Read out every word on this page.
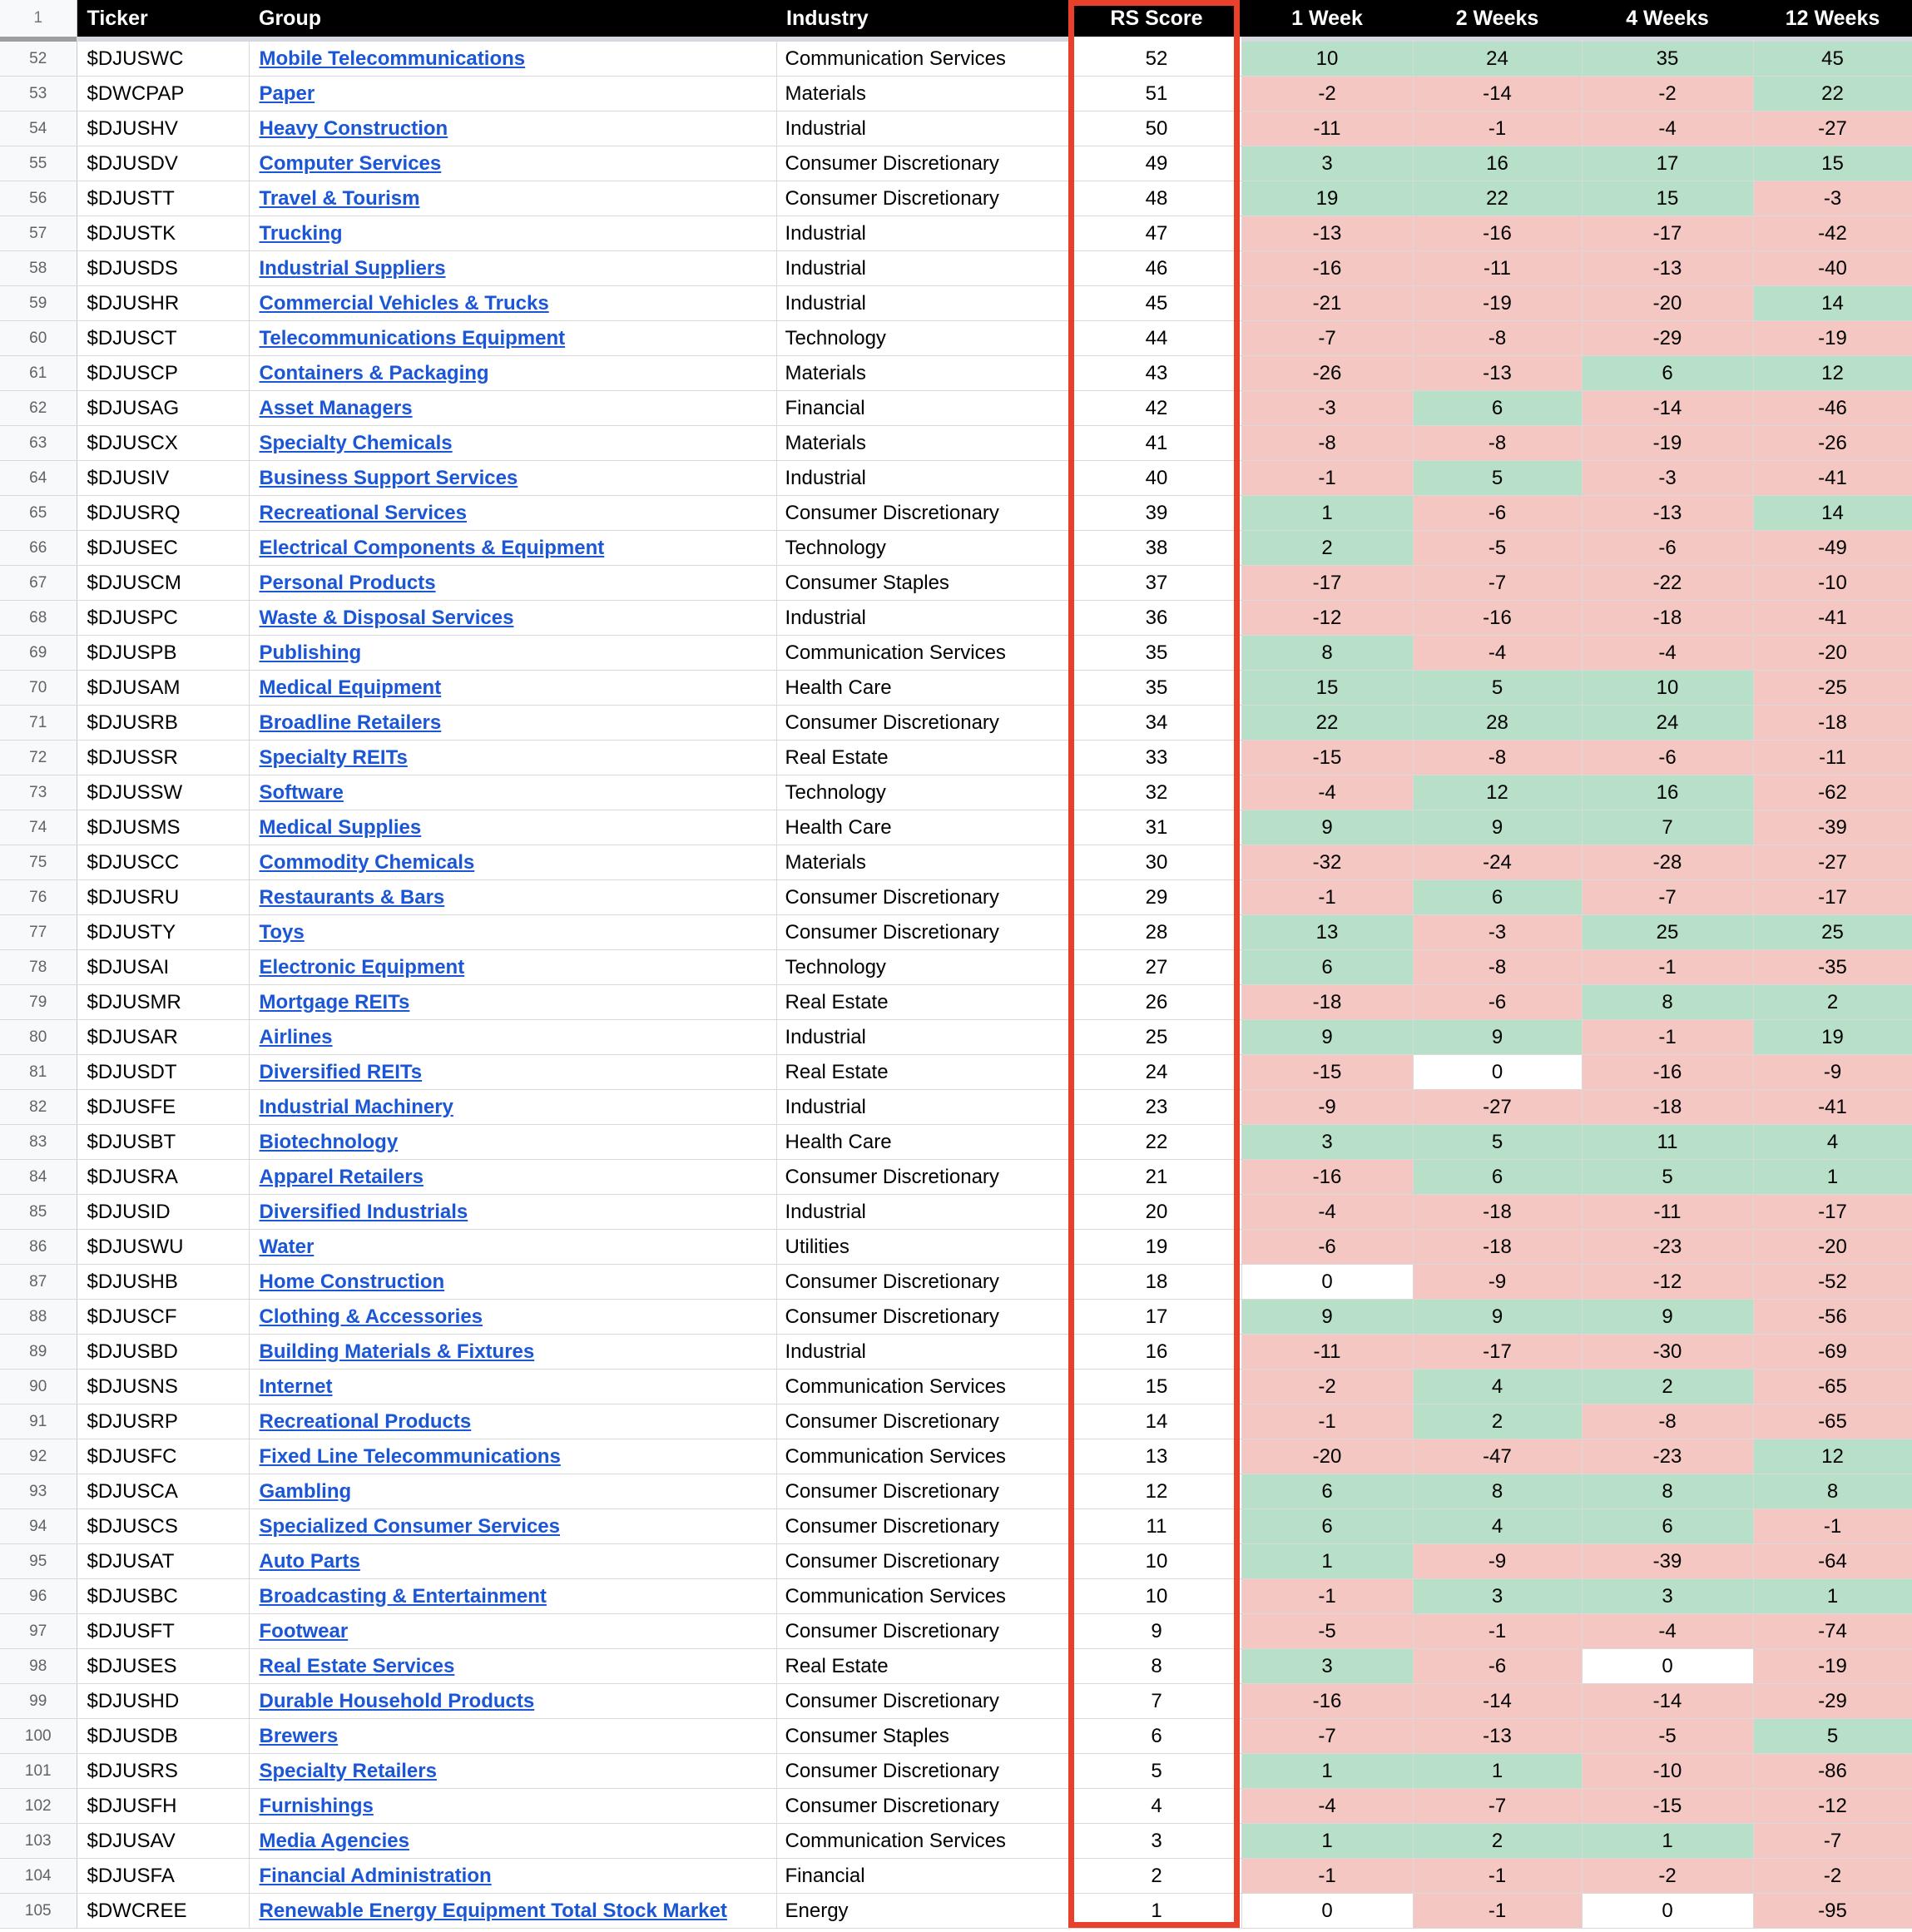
1	Ticker	Group	Industry	RS Score	1 Week	2 Weeks	4 Weeks	12 Weeks

52	$DJUSWC	Mobile Telecommunications	Communication Services	52	10	24	35	45
53	$DWCPAP	Paper	Materials	51	-2	-14	-2	22
54	$DJUSHV	Heavy Construction	Industrial	50	-11	-1	-4	-27
55	$DJUSDV	Computer Services	Consumer Discretionary	49	3	16	17	15
56	$DJUSTT	Travel & Tourism	Consumer Discretionary	48	19	22	15	-3
57	$DJUSTK	Trucking	Industrial	47	-13	-16	-17	-42
58	$DJUSDS	Industrial Suppliers	Industrial	46	-16	-11	-13	-40
59	$DJUSHR	Commercial Vehicles & Trucks	Industrial	45	-21	-19	-20	14
60	$DJUSCT	Telecommunications Equipment	Technology	44	-7	-8	-29	-19
61	$DJUSCP	Containers & Packaging	Materials	43	-26	-13	6	12
62	$DJUSAG	Asset Managers	Financial	42	-3	6	-14	-46
63	$DJUSCX	Specialty Chemicals	Materials	41	-8	-8	-19	-26
64	$DJUSIV	Business Support Services	Industrial	40	-1	5	-3	-41
65	$DJUSRQ	Recreational Services	Consumer Discretionary	39	1	-6	-13	14
66	$DJUSEC	Electrical Components & Equipment	Technology	38	2	-5	-6	-49
67	$DJUSCM	Personal Products	Consumer Staples	37	-17	-7	-22	-10
68	$DJUSPC	Waste & Disposal Services	Industrial	36	-12	-16	-18	-41
69	$DJUSPB	Publishing	Communication Services	35	8	-4	-4	-20
70	$DJUSAM	Medical Equipment	Health Care	35	15	5	10	-25
71	$DJUSRB	Broadline Retailers	Consumer Discretionary	34	22	28	24	-18
72	$DJUSSR	Specialty REITs	Real Estate	33	-15	-8	-6	-11
73	$DJUSSW	Software	Technology	32	-4	12	16	-62
74	$DJUSMS	Medical Supplies	Health Care	31	9	9	7	-39
75	$DJUSCC	Commodity Chemicals	Materials	30	-32	-24	-28	-27
76	$DJUSRU	Restaurants & Bars	Consumer Discretionary	29	-1	6	-7	-17
77	$DJUSTY	Toys	Consumer Discretionary	28	13	-3	25	25
78	$DJUSAI	Electronic Equipment	Technology	27	6	-8	-1	-35
79	$DJUSMR	Mortgage REITs	Real Estate	26	-18	-6	8	2
80	$DJUSAR	Airlines	Industrial	25	9	9	-1	19
81	$DJUSDT	Diversified REITs	Real Estate	24	-15	0	-16	-9
82	$DJUSFE	Industrial Machinery	Industrial	23	-9	-27	-18	-41
83	$DJUSBT	Biotechnology	Health Care	22	3	5	11	4
84	$DJUSRA	Apparel Retailers	Consumer Discretionary	21	-16	6	5	1
85	$DJUSID	Diversified Industrials	Industrial	20	-4	-18	-11	-17
86	$DJUSWU	Water	Utilities	19	-6	-18	-23	-20
87	$DJUSHB	Home Construction	Consumer Discretionary	18	0	-9	-12	-52
88	$DJUSCF	Clothing & Accessories	Consumer Discretionary	17	9	9	9	-56
89	$DJUSBD	Building Materials & Fixtures	Industrial	16	-11	-17	-30	-69
90	$DJUSNS	Internet	Communication Services	15	-2	4	2	-65
91	$DJUSRP	Recreational Products	Consumer Discretionary	14	-1	2	-8	-65
92	$DJUSFC	Fixed Line Telecommunications	Communication Services	13	-20	-47	-23	12
93	$DJUSCA	Gambling	Consumer Discretionary	12	6	8	8	8
94	$DJUSCS	Specialized Consumer Services	Consumer Discretionary	11	6	4	6	-1
95	$DJUSAT	Auto Parts	Consumer Discretionary	10	1	-9	-39	-64
96	$DJUSBC	Broadcasting & Entertainment	Communication Services	10	-1	3	3	1
97	$DJUSFT	Footwear	Consumer Discretionary	9	-5	-1	-4	-74
98	$DJUSES	Real Estate Services	Real Estate	8	3	-6	0	-19
99	$DJUSHD	Durable Household Products	Consumer Discretionary	7	-16	-14	-14	-29
100	$DJUSDB	Brewers	Consumer Staples	6	-7	-13	-5	5
101	$DJUSRS	Specialty Retailers	Consumer Discretionary	5	1	1	-10	-86
102	$DJUSFH	Furnishings	Consumer Discretionary	4	-4	-7	-15	-12
103	$DJUSAV	Media Agencies	Communication Services	3	1	2	1	-7
104	$DJUSFA	Financial Administration	Financial	2	-1	-1	-2	-2
105	$DWCREE	Renewable Energy Equipment Total Stock Market	Energy	1	0	-1	0	-95
